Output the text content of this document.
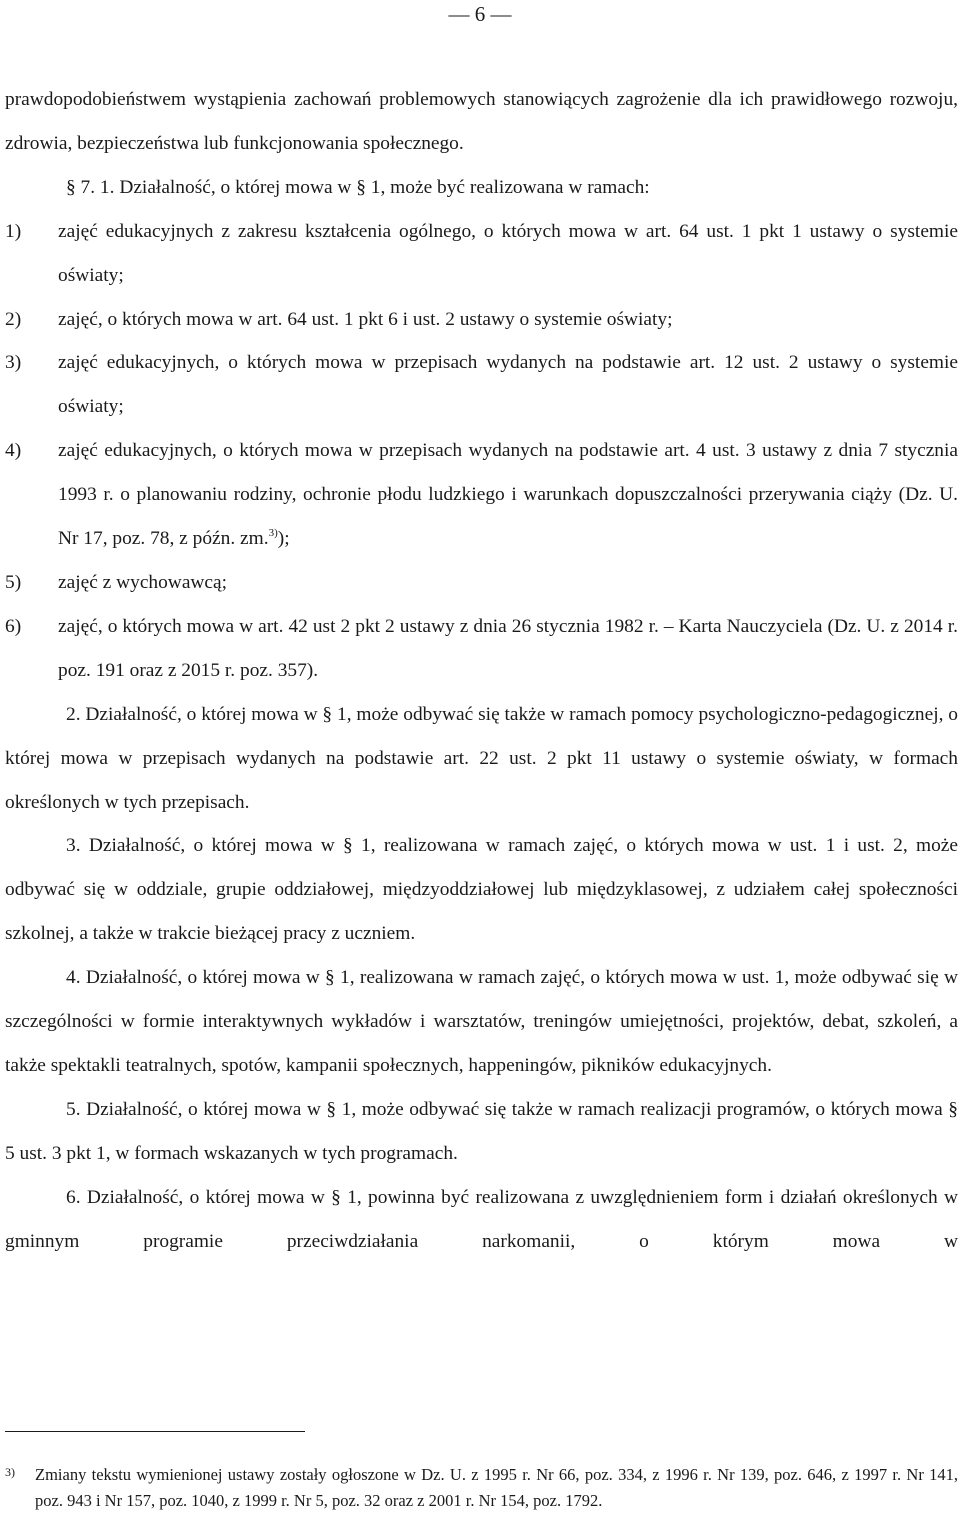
— 6 —

prawdopodobieństwem wystąpienia zachowań problemowych stanowiących zagrożenie dla ich prawidłowego rozwoju, zdrowia, bezpieczeństwa lub funkcjonowania społecznego.

§ 7. 1. Działalność, o której mowa w § 1, może być realizowana w ramach:

1)	zajęć edukacyjnych z zakresu kształcenia ogólnego, o których mowa w art. 64 ust. 1 pkt 1 ustawy o systemie oświaty;
2)	zajęć, o których mowa w art. 64 ust. 1 pkt 6 i ust. 2 ustawy o systemie oświaty;
3)	zajęć edukacyjnych, o których mowa w przepisach wydanych na podstawie art. 12 ust. 2 ustawy o systemie oświaty;
4)	zajęć edukacyjnych, o których mowa w przepisach wydanych na podstawie art. 4 ust. 3 ustawy z dnia 7 stycznia 1993 r. o planowaniu rodziny, ochronie płodu ludzkiego i warunkach dopuszczalności przerywania ciąży (Dz. U. Nr 17, poz. 78, z późn. zm.$^{3)}$);
5)	zajęć z wychowawcą;
6)	zajęć, o których mowa w art. 42 ust 2 pkt 2 ustawy z dnia 26 stycznia 1982 r. – Karta Nauczyciela (Dz. U. z 2014 r. poz. 191 oraz z 2015 r. poz. 357).

2. Działalność, o której mowa w § 1, może odbywać się także w ramach pomocy psychologiczno-pedagogicznej, o której mowa w przepisach wydanych na podstawie art. 22 ust. 2 pkt 11 ustawy o systemie oświaty, w formach określonych w tych przepisach.

3. Działalność, o której mowa w § 1, realizowana w ramach zajęć, o których mowa w ust. 1 i ust. 2, może odbywać się w oddziale, grupie oddziałowej, międzyoddziałowej lub międzyklasowej, z udziałem całej społeczności szkolnej, a także w trakcie bieżącej pracy z uczniem.

4. Działalność, o której mowa w § 1, realizowana w ramach zajęć, o których mowa w ust. 1, może odbywać się w szczególności w formie interaktywnych wykładów i warsztatów, treningów umiejętności, projektów, debat, szkoleń, a także spektakli teatralnych, spotów, kampanii społecznych, happeningów, pikników edukacyjnych.

5. Działalność, o której mowa w § 1, może odbywać się także w ramach realizacji programów, o których mowa § 5 ust. 3 pkt 1, w formach wskazanych w tych programach.

6. Działalność, o której mowa w § 1, powinna być realizowana z uwzględnieniem form i działań określonych w gminnym programie przeciwdziałania narkomanii, o którym mowa w

3)	Zmiany tekstu wymienionej ustawy zostały ogłoszone w Dz. U. z 1995 r. Nr 66, poz. 334, z 1996 r. Nr 139, poz. 646, z 1997 r. Nr 141, poz. 943 i Nr 157, poz. 1040, z 1999 r. Nr 5, poz. 32 oraz z 2001 r. Nr 154, poz. 1792.
